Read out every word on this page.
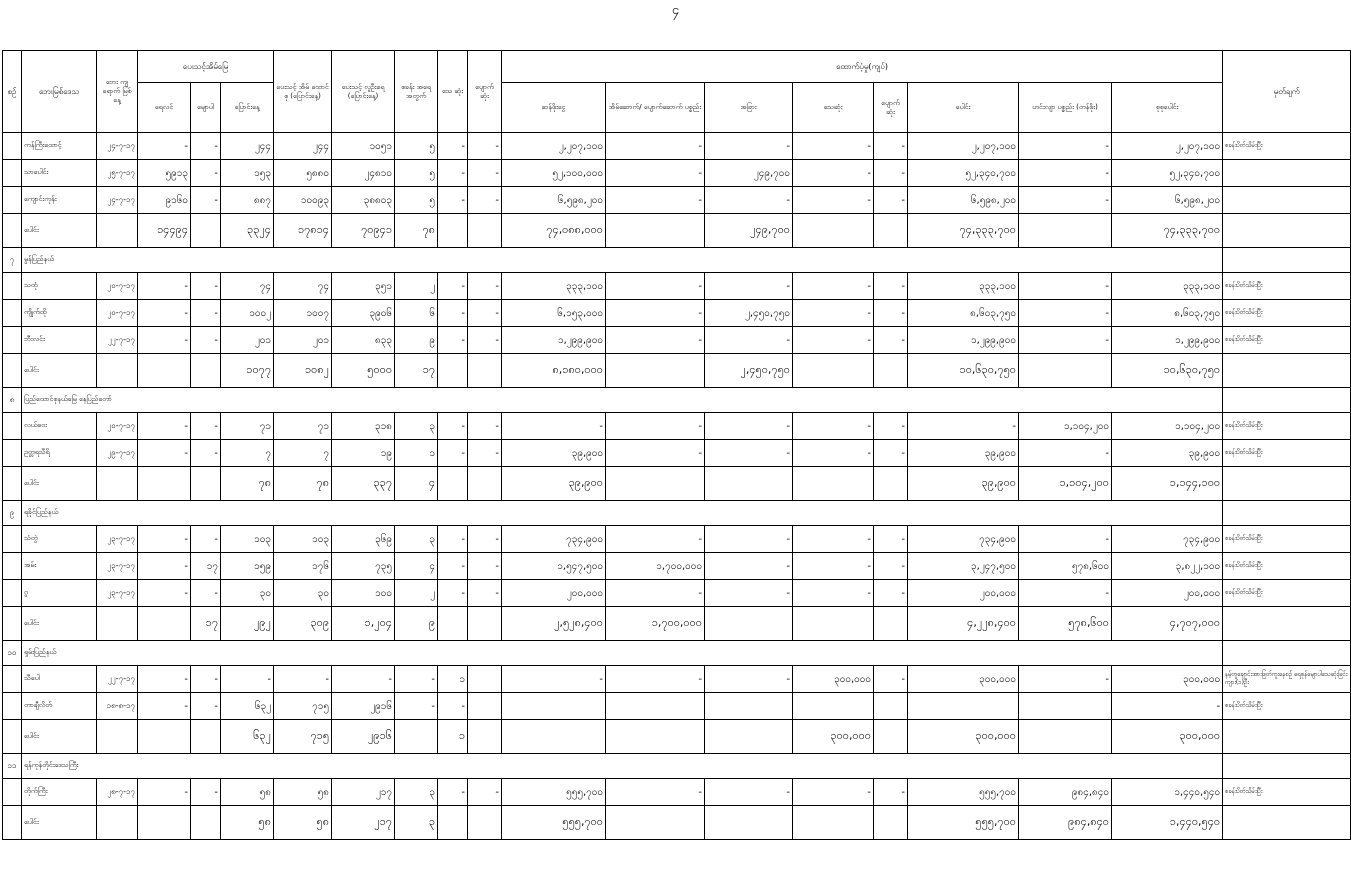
၄
စဉ်	ဘေးမြစ်ဒေသ	ဘေး ကျ ရောက် မြစ်နေ့	ပေးသင့်အိမ်မြေ			ပေးသင့် အိမ် ထောင်စု (ပြောင်းနေ့)	ပေးသင့် လူဦးရေ (ပြောင်းနေ့)	စခန်း အရေ အတွက်	သေ ဆုံး	ပျောက် ဆုံး	ထောက်ပံ့မှု(ကျပ်)								မှတ်ချက်
			ရေလင်	မျောပါ	ပြောင်းနေ့						ဆန်ဖိုးငွေ	အိမ်ဆောက်/ ပျောက်ဆောက် ပစ္စည်း	အခြား	သေဆုံး	ပျောက် ဆုံး	ပေါင်း	ဟင်းလျာ ပစ္စည်း (တန်ဖိုး)	စုစုပေါင်း	
	ကန်ကြီးထောင့်	၂၄-၇-၁၇	-	-	၂၄၄	၂၄၄	၁၀၅၁	၅	-	-	၂,၂၀၇,၁၀၀	-	-	-	-	၂,၂၀၇,၁၀၀	-	၂,၂၀၇,၁၀၀	စခန်းပိတ်သိမ်းပြီး
	သာပေါင်း	၂၅-၇-၁၇	၅၉၁၃	-	၁၅၃	၅၈၈၀	၂၄၈၁၀	၅	-	-	၅၂,၁၀၀,၀၀၀	-	၂၄၉,၇၀၀	-	-	၅၂,၃၄၀,၇၀၀	-	၅၂,၃၄၀,၇၀၀	
	ကျောင်းကုန်း	၂၄-၇-၁၇	၉၁၆၀	-	၈၈၇	၁၀၀၉၃	၃၈၈၀၃	၅	-	-	၆,၅၉၈,၂၀၀	-	-	-	-	၆,၅၉၈,၂၀၀	-	၆,၅၉၈,၂၀၀	
	ပေါင်း		၁၄၄၉၄		၃၃၂၄	၁၇၈၁၄	၇၀၉၄၁	၇၈			၇၄,၀၈၈,၀၀၀		၂၄၉,၇၀၀			၇၄,၃၃၃,၇၀၀		၇၄,၃၃၃,၇၀၀	
၇	မွန်ပြည်နယ်																		
	သထုံ	၂၀-၇-၁၇	-	-	၇၄	၇၄	၃၅၁	၂	-	-	၃၃၃,၁၀၀	-	-	-	-	၃၃၃,၁၀၀	-	၃၃၃,၁၀၀	စခန်းပိတ်သိမ်းပြီး
	ကျိုက်ထို	၂၀-၇-၁၇	-	-	၁၀၀၂	၁၀၀၇	၃၉၀၆	၆	-	-	၆,၁၅၃,၀၀၀	-	၂,၄၅၀,၇၅၀	-	-	၈,၆၀၃,၇၅၀	-	၈,၆၀၃,၇၅၀	စခန်းပိတ်သိမ်းပြီး
	ဘီးလင်း	၂၂-၇-၁၇	-	-	၂၀၁	၂၀၁	၈၃၃	၉	-	-	၁,၂၉၉,၉၀၀	-	-	-	-	၁,၂၉၉,၉၀၀	-	၁,၂၉၉,၉၀၀	စခန်းပိတ်သိမ်းပြီး
	ပေါင်း				၁၀၇၇	၁၀၈၂	၅၀၀၀	၁၇			၈,၁၈၀,၀၀၀		၂,၄၅၀,၇၅၀			၁၀,၆၃၀,၇၅၀		၁၀,၆၃၀,၇၅၀	
၈	ပြည်ထောင်စုနယ်မြေ နေပြည်တော်																		
	လယ်ဝေး	၂၀-၇-၁၇	-	-	၇၁	၇၁	၃၁၈	၃	-	-	-	-	-	-	-	-	၁,၁၀၄,၂၀၀	၁,၁၀၄,၂၀၀	စခန်းပိတ်သိမ်းပြီး
	ဥတ္တရသီရိ	၂၉-၇-၁၇	-	-	၇	၇	၁၉	၁	-	-	၃၉,၉၀၀	-	-	-	-	၃၉,၉၀၀	-	၃၉,၉၀၀	စခန်းပိတ်သိမ်းပြီး
	ပေါင်း				၇၈	၇၈	၃၃၇	၄			၃၉,၉၀၀					၃၉,၉၀၀	၁,၁၀၄,၂၀၀	၁,၁၄၄,၁၀၀	
၉	ရခိုင်ပြည်နယ်																		
	သံတွဲ	၂၃-၇-၁၇	-	-	၁၀၃	၁၀၃	၃၆၉	၃	-	-	၇၃၄,၉၀၀	-	-	-	-	၇၃၄,၉၀၀	-	၇၃၄,၉၀၀	စခန်းပိတ်သိမ်းပြီး
	အမ်း	၂၃-၇-၁၇	-	၁၇	၁၅၉	၁၇၆	၇၃၅	၄	-	-	၁,၅၄၇,၅၀၀	၁,၇၀၀,၀၀၀	-	-	-	၃,၂၄၇,၅၀၀	၅၇၈,၆၀၀	၃,၈၂၂,၁၀၀	စခန်းပိတ်သိမ်းပြီး
	ဂွ	၂၃-၇-၁၇	-	-	၃၀	၃၀	၁၀၀	၂	-	-	၂၀၀,၀၀၀	-	-	-	-	၂၀၀,၀၀၀	-	၂၀၀,၀၀၀	စခန်းပိတ်သိမ်းပြီး
	ပေါင်း			၁၇	၂၉၂	၃၀၉	၁,၂၀၄	၉			၂,၅၂၈,၄၀၀	၁,၇၀၀,၀၀၀				၄,၂၂၈,၄၀၀	၅၇၈,၆၀၀	၄,၇၀၇,၀၀၀	
၁၀	ရှမ်းပြည်နယ်																		
	သီပေါ	၂၂-၇-၁၇	-	-	-	-	-	-	၁		-	-	-	၃၀၀,၀၀၀	-	၃၀၀,၀၀၀	-	၃၀၀,၀၀၀	နမ့်တူချောင်းအားဖြတ်ကူးနေစဉ် ရေစုန်မျောပါသေဆုံးခြင်း ကျား(၁)ဦး
	တာချီလိတ်	၁၈-၈-၁၇	-	-	၆၃၂	၇၁၅	၂၉၁၆	-	-									-	စခန်းပိတ်သိမ်းပြီး
	ပေါင်း				၆၃၂	၇၁၅	၂၉၁၆		၁					၃၀၀,၀၀၀		၃၀၀,၀၀၀		၃၀၀,၀၀၀	
၁၁	ရန်ကုန်တိုင်းဒေသကြီး																		
	တိုက်ကြီး	၂၈-၇-၁၇	-	-	၅၈	၅၈	၂၁၇	၃	-	-	၅၅၅,၇၀၀	-	-	-	-	၅၅၅,၇၀၀	၉၈၄,၈၄၀	၁,၄၄၀,၅၄၀	စခန်းပိတ်သိမ်းပြီး
	ပေါင်း				၅၈	၅၈	၂၁၇	၃			၅၅၅,၇၀၀					၅၅၅,၇၀၀	၉၈၄,၈၄၀	၁,၄၄၀,၅၄၀	
